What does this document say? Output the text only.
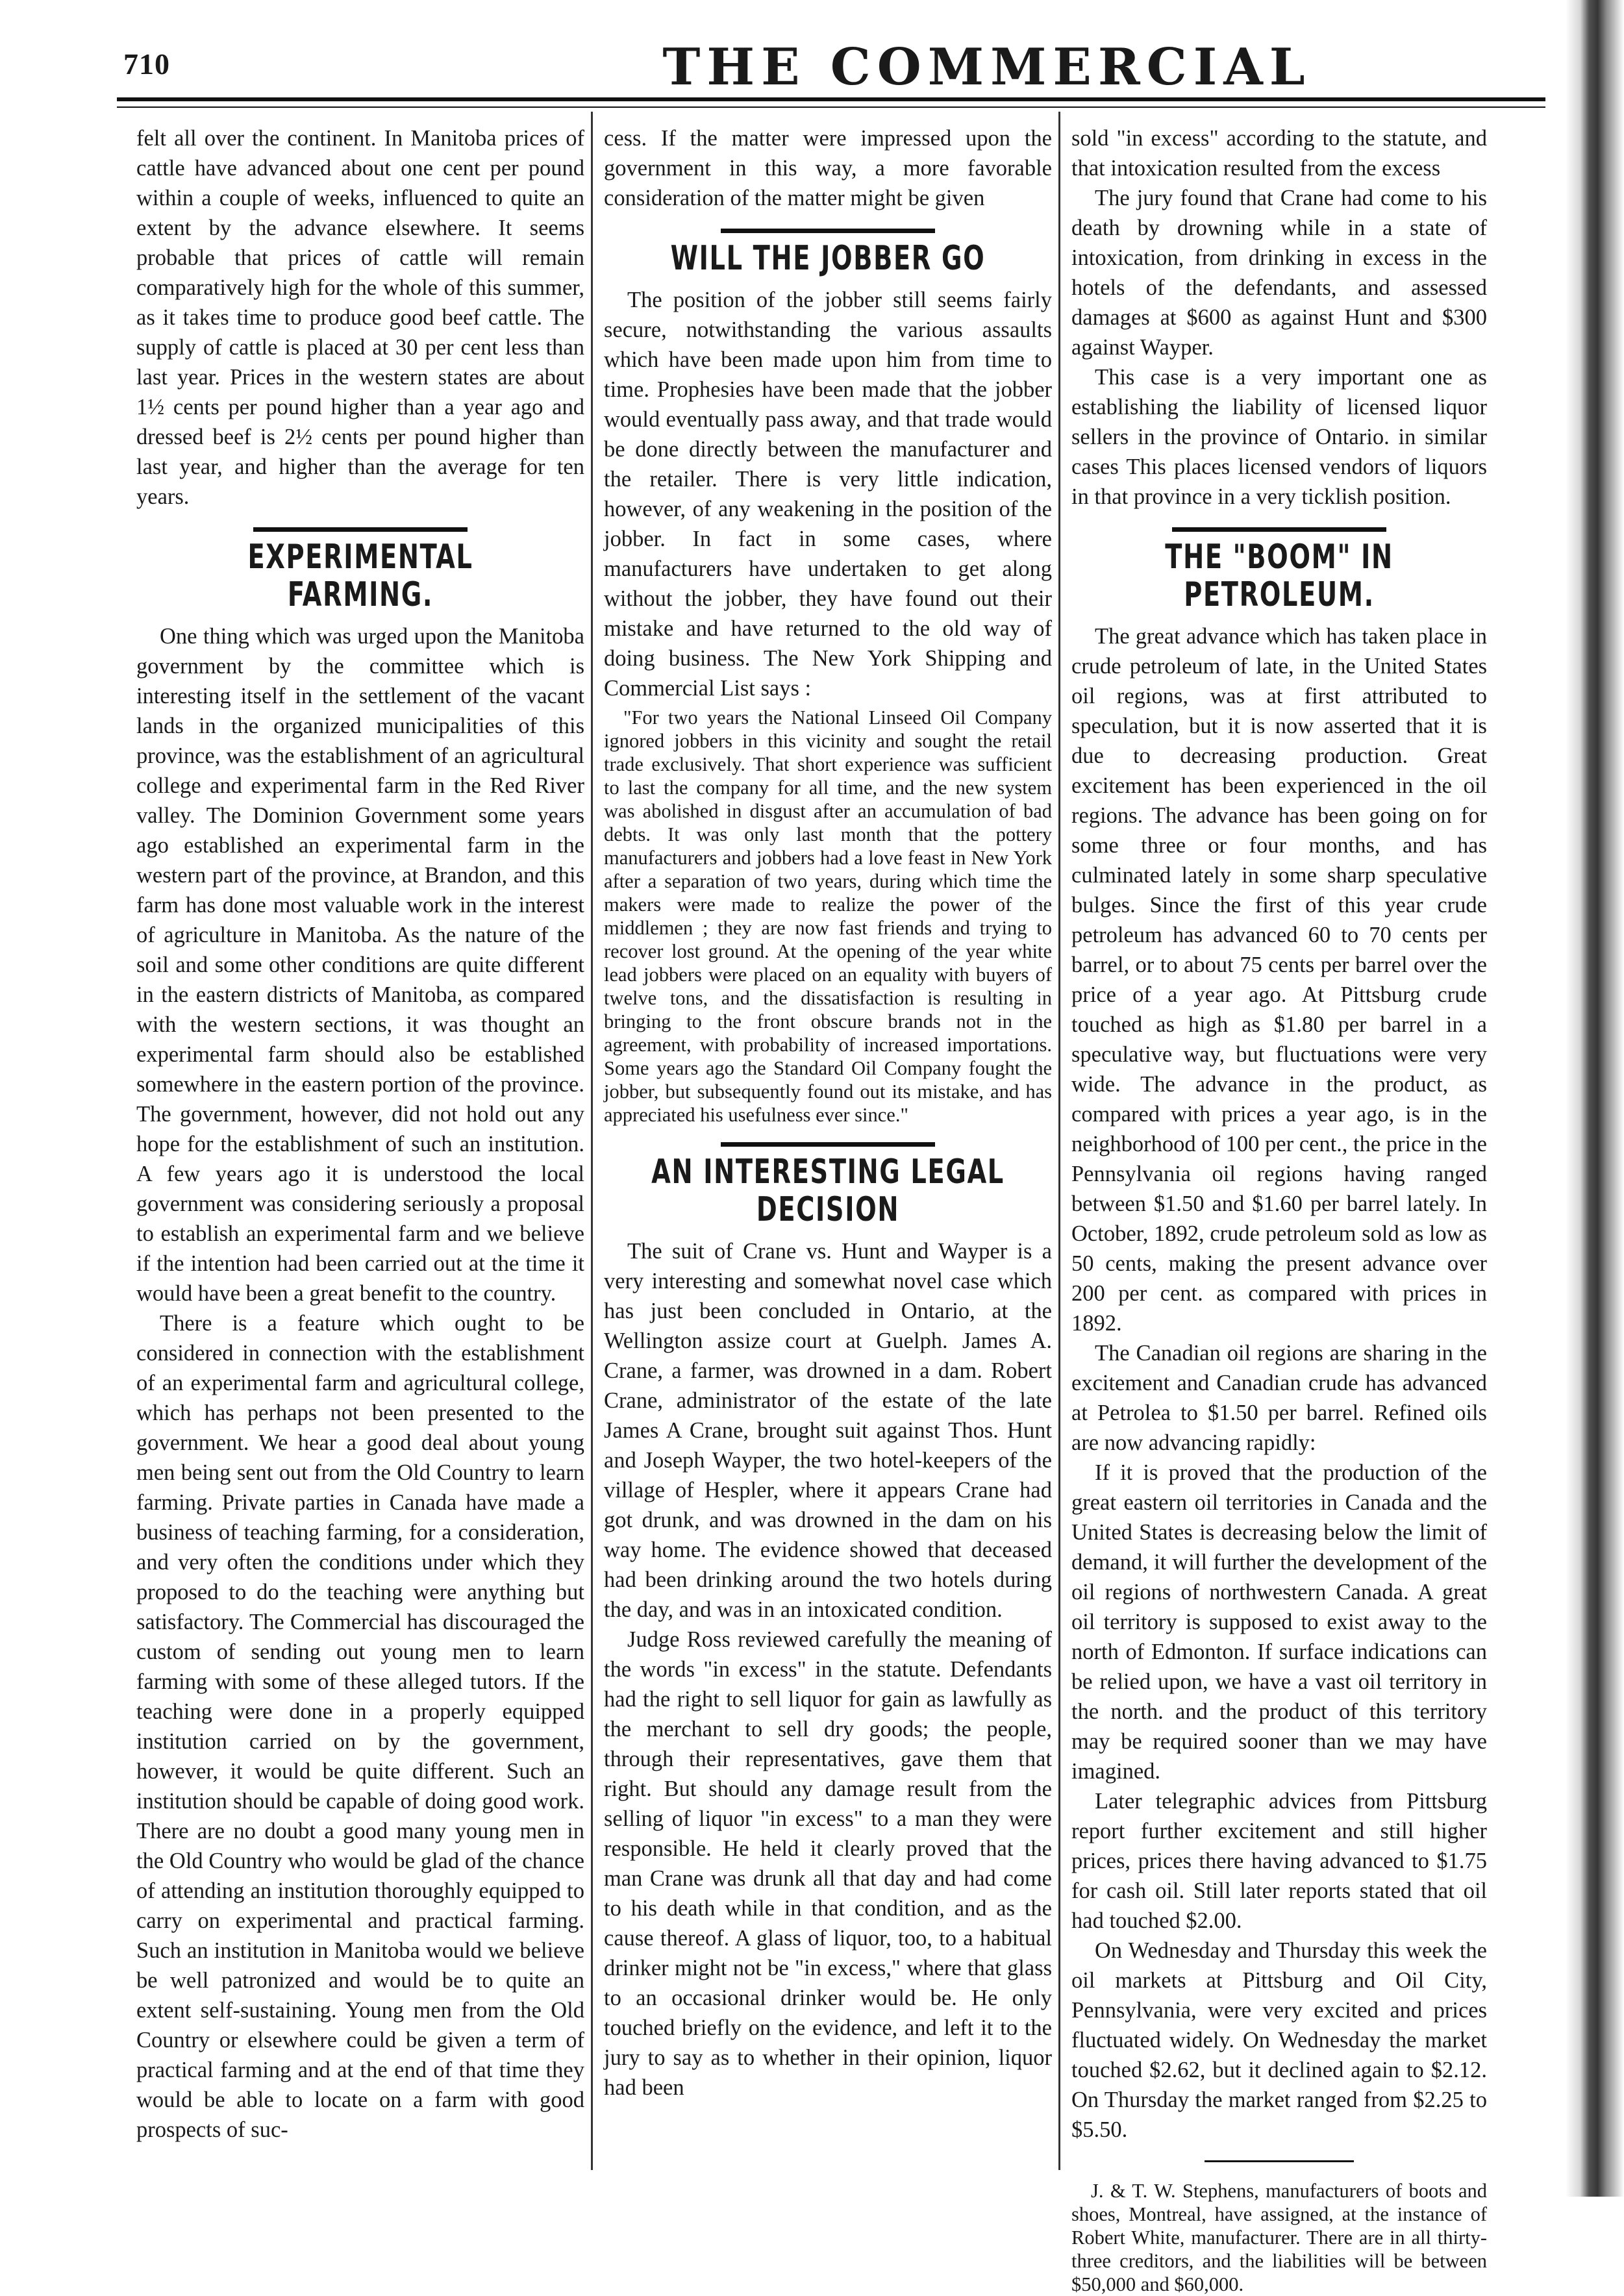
710	THE COMMERCIAL

felt all over the continent. In Manitoba prices of cattle have advanced about one cent per pound within a couple of weeks, influenced to quite an extent by the advance elsewhere. It seems probable that prices of cattle will remain comparatively high for the whole of this summer, as it takes time to produce good beef cattle. The supply of cattle is placed at 30 per cent less than last year. Prices in the western states are about 1½ cents per pound higher than a year ago and dressed beef is 2½ cents per pound higher than last year, and higher than the average for ten years.

EXPERIMENTAL FARMING.

One thing which was urged upon the Manitoba government by the committee which is interesting itself in the settlement of the vacant lands in the organized municipalities of this province, was the establishment of an agricultural college and experimental farm in the Red River valley. The Dominion Government some years ago established an experimental farm in the western part of the province, at Brandon, and this farm has done most valuable work in the interest of agriculture in Manitoba. As the nature of the soil and some other conditions are quite different in the eastern districts of Manitoba, as compared with the western sections, it was thought an experimental farm should also be established somewhere in the eastern portion of the province. The government, however, did not hold out any hope for the establishment of such an institution. A few years ago it is understood the local government was considering seriously a proposal to establish an experimental farm and we believe if the intention had been carried out at the time it would have been a great benefit to the country.

There is a feature which ought to be considered in connection with the establishment of an experimental farm and agricultural college, which has perhaps not been presented to the government. We hear a good deal about young men being sent out from the Old Country to learn farming. Private parties in Canada have made a business of teaching farming, for a consideration, and very often the conditions under which they proposed to do the teaching were anything but satisfactory. The Commercial has discouraged the custom of sending out young men to learn farming with some of these alleged tutors. If the teaching were done in a properly equipped institution carried on by the government, however, it would be quite different. Such an institution should be capable of doing good work. There are no doubt a good many young men in the Old Country who would be glad of the chance of attending an institution thoroughly equipped to carry on experimental and practical farming. Such an institution in Manitoba would we believe be well patronized and would be to quite an extent self-sustaining. Young men from the Old Country or elsewhere could be given a term of practical farming and at the end of that time they would be able to locate on a farm with good prospects of suc-

cess. If the matter were impressed upon the government in this way, a more favorable consideration of the matter might be given

WILL THE JOBBER GO

The position of the jobber still seems fairly secure, notwithstanding the various assaults which have been made upon him from time to time. Prophesies have been made that the jobber would eventually pass away, and that trade would be done directly between the manufacturer and the retailer. There is very little indication, however, of any weakening in the position of the jobber. In fact in some cases, where manufacturers have undertaken to get along without the jobber, they have found out their mistake and have returned to the old way of doing business. The New York Shipping and Commercial List says :

"For two years the National Linseed Oil Company ignored jobbers in this vicinity and sought the retail trade exclusively. That short experience was sufficient to last the company for all time, and the new system was abolished in disgust after an accumulation of bad debts. It was only last month that the pottery manufacturers and jobbers had a love feast in New York after a separation of two years, during which time the makers were made to realize the power of the middlemen ; they are now fast friends and trying to recover lost ground. At the opening of the year white lead jobbers were placed on an equality with buyers of twelve tons, and the dissatisfaction is resulting in bringing to the front obscure brands not in the agreement, with probability of increased importations. Some years ago the Standard Oil Company fought the jobber, but subsequently found out its mistake, and has appreciated his usefulness ever since."

AN INTERESTING LEGAL DECISION

The suit of Crane vs. Hunt and Wayper is a very interesting and somewhat novel case which has just been concluded in Ontario, at the Wellington assize court at Guelph. James A. Crane, a farmer, was drowned in a dam. Robert Crane, administrator of the estate of the late James A Crane, brought suit against Thos. Hunt and Joseph Wayper, the two hotel-keepers of the village of Hespler, where it appears Crane had got drunk, and was drowned in the dam on his way home. The evidence showed that deceased had been drinking around the two hotels during the day, and was in an intoxicated condition.

Judge Ross reviewed carefully the meaning of the words "in excess" in the statute. Defendants had the right to sell liquor for gain as lawfully as the merchant to sell dry goods; the people, through their representatives, gave them that right. But should any damage result from the selling of liquor "in excess" to a man they were responsible. He held it clearly proved that the man Crane was drunk all that day and had come to his death while in that condition, and as the cause thereof. A glass of liquor, too, to a habitual drinker might not be "in excess," where that glass to an occasional drinker would be. He only touched briefly on the evidence, and left it to the jury to say as to whether in their opinion, liquor had been

sold "in excess" according to the statute, and that intoxication resulted from the excess

The jury found that Crane had come to his death by drowning while in a state of intoxication, from drinking in excess in the hotels of the defendants, and assessed damages at $600 as against Hunt and $300 against Wayper.

This case is a very important one as establishing the liability of licensed liquor sellers in the province of Ontario. in similar cases This places licensed vendors of liquors in that province in a very ticklish position.

THE "BOOM" IN PETROLEUM.

The great advance which has taken place in crude petroleum of late, in the United States oil regions, was at first attributed to speculation, but it is now asserted that it is due to decreasing production. Great excitement has been experienced in the oil regions. The advance has been going on for some three or four months, and has culminated lately in some sharp speculative bulges. Since the first of this year crude petroleum has advanced 60 to 70 cents per barrel, or to about 75 cents per barrel over the price of a year ago. At Pittsburg crude touched as high as $1.80 per barrel in a speculative way, but fluctuations were very wide. The advance in the product, as compared with prices a year ago, is in the neighborhood of 100 per cent., the price in the Pennsylvania oil regions having ranged between $1.50 and $1.60 per barrel lately. In October, 1892, crude petroleum sold as low as 50 cents, making the present advance over 200 per cent. as compared with prices in 1892.

The Canadian oil regions are sharing in the excitement and Canadian crude has advanced at Petrolea to $1.50 per barrel. Refined oils are now advancing rapidly:

If it is proved that the production of the great eastern oil territories in Canada and the United States is decreasing below the limit of demand, it will further the development of the oil regions of northwestern Canada. A great oil territory is supposed to exist away to the north of Edmonton. If surface indications can be relied upon, we have a vast oil territory in the north. and the product of this territory may be required sooner than we may have imagined.

Later telegraphic advices from Pittsburg report further excitement and still higher prices, prices there having advanced to $1.75 for cash oil. Still later reports stated that oil had touched $2.00.

On Wednesday and Thursday this week the oil markets at Pittsburg and Oil City, Pennsylvania, were very excited and prices fluctuated widely. On Wednesday the market touched $2.62, but it declined again to $2.12. On Thursday the market ranged from $2.25 to $5.50.

J. & T. W. Stephens, manufacturers of boots and shoes, Montreal, have assigned, at the instance of Robert White, manufacturer. There are in all thirty-three creditors, and the liabilities will be between $50,000 and $60,000.
